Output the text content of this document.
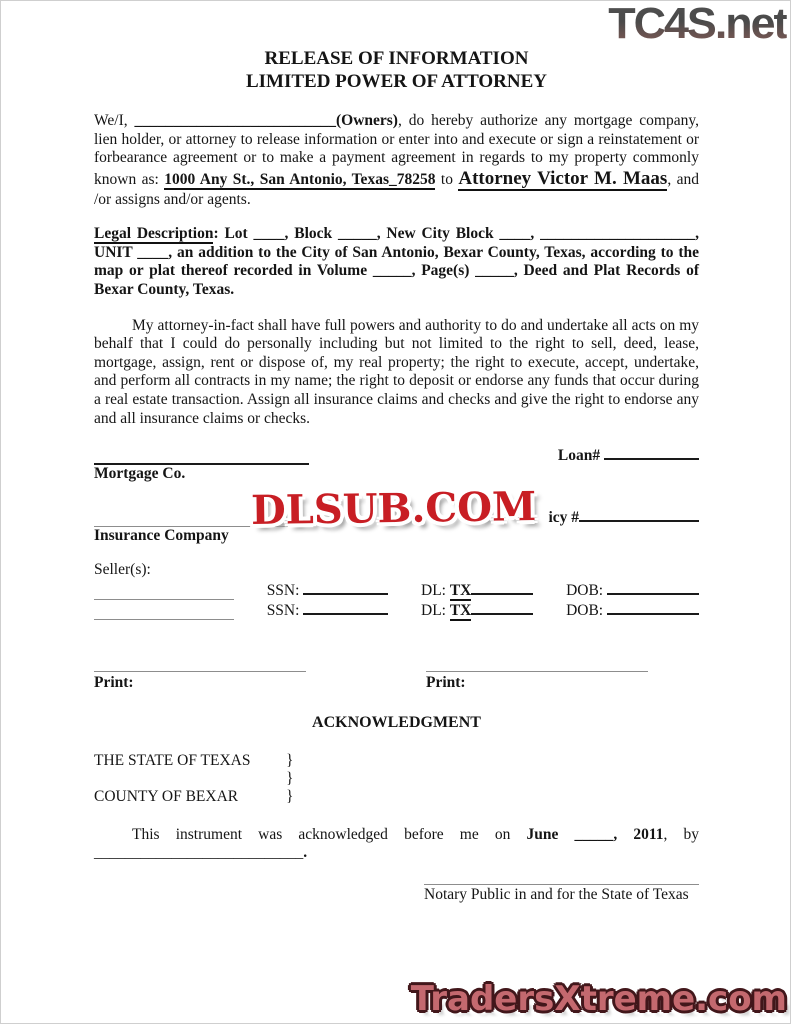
TC4S.net
RELEASE OF INFORMATION
LIMITED POWER OF ATTORNEY

We/I, __________________________(Owners), do hereby authorize any mortgage company, lien holder, or attorney to release information or enter into and execute or sign a reinstatement or forbearance agreement or to make a payment agreement in regards to my property commonly known as: 1000 Any St., San Antonio, Texas_78258 to Attorney Victor M. Maas, and /or assigns and/or agents.

Legal Description: Lot ____, Block _____, New City Block ____, ____________________, UNIT ____, an addition to the City of San Antonio, Bexar County, Texas, according to the map or plat thereof recorded in Volume _____, Page(s) _____, Deed and Plat Records of Bexar County, Texas.

My attorney-in-fact shall have full powers and authority to do and undertake all acts on my behalf that I could do personally including but not limited to the right to sell, deed, lease, mortgage, assign, rent or dispose of, my real property; the right to execute, accept, undertake, and perform all contracts in my name; the right to deposit or endorse any funds that occur during a real estate transaction. Assign all insurance claims and checks and give the right to endorse any and all insurance claims or checks.

Loan#
Mortgage Co.
icy #
Insurance Company
Seller(s):
SSN:	DL: TX	DOB:
SSN:	DL: TX	DOB:
Print:	Print:
ACKNOWLEDGMENT
THE STATE OF TEXAS }
}
COUNTY OF BEXAR	}

This instrument was acknowledged before me on June _____, 2011, by
___________________________.

Notary Public in and for the State of Texas
DLSUB.COM
TradersXtreme.com
